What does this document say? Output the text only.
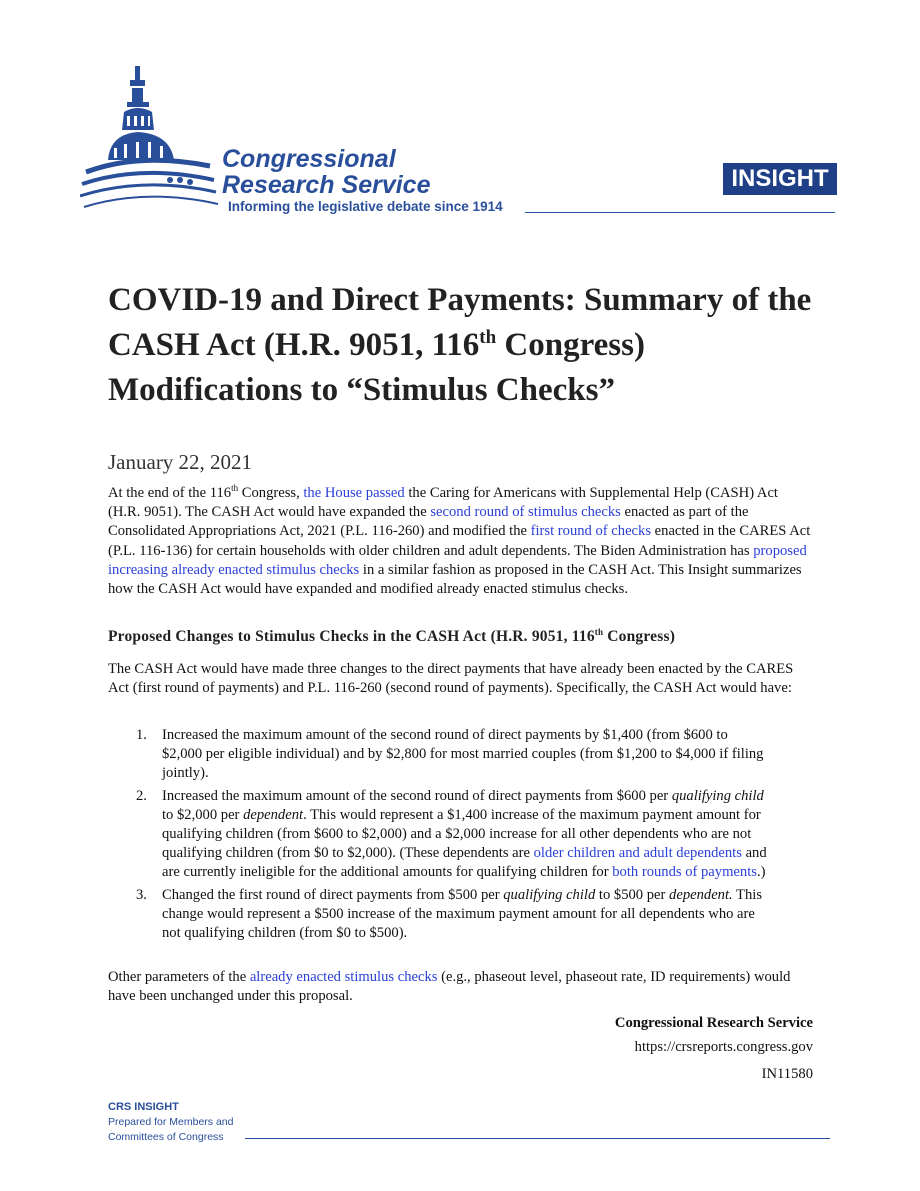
Congressional
Research Service
Informing the legislative debate since 1914
INSIGHT
COVID-19 and Direct Payments: Summary of the CASH Act (H.R. 9051, 116th Congress) Modifications to “Stimulus Checks”
January 22, 2021
At the end of the 116th Congress, the House passed the Caring for Americans with Supplemental Help (CASH) Act (H.R. 9051). The CASH Act would have expanded the second round of stimulus checks enacted as part of the Consolidated Appropriations Act, 2021 (P.L. 116-260) and modified the first round of checks enacted in the CARES Act (P.L. 116-136) for certain households with older children and adult dependents. The Biden Administration has proposed increasing already enacted stimulus checks in a similar fashion as proposed in the CASH Act. This Insight summarizes how the CASH Act would have expanded and modified already enacted stimulus checks.
Proposed Changes to Stimulus Checks in the CASH Act (H.R. 9051, 116th Congress)
The CASH Act would have made three changes to the direct payments that have already been enacted by the CARES Act (first round of payments) and P.L. 116-260 (second round of payments). Specifically, the CASH Act would have:
1. Increased the maximum amount of the second round of direct payments by $1,400 (from $600 to $2,000 per eligible individual) and by $2,800 for most married couples (from $1,200 to $4,000 if filing jointly).
2. Increased the maximum amount of the second round of direct payments from $600 per qualifying child to $2,000 per dependent. This would represent a $1,400 increase of the maximum payment amount for qualifying children (from $600 to $2,000) and a $2,000 increase for all other dependents who are not qualifying children (from $0 to $2,000). (These dependents are older children and adult dependents and are currently ineligible for the additional amounts for qualifying children for both rounds of payments.)
3. Changed the first round of direct payments from $500 per qualifying child to $500 per dependent. This change would represent a $500 increase of the maximum payment amount for all dependents who are not qualifying children (from $0 to $500).
Other parameters of the already enacted stimulus checks (e.g., phaseout level, phaseout rate, ID requirements) would have been unchanged under this proposal.
Congressional Research Service
https://crsreports.congress.gov
IN11580
CRS INSIGHT
Prepared for Members and
Committees of Congress
